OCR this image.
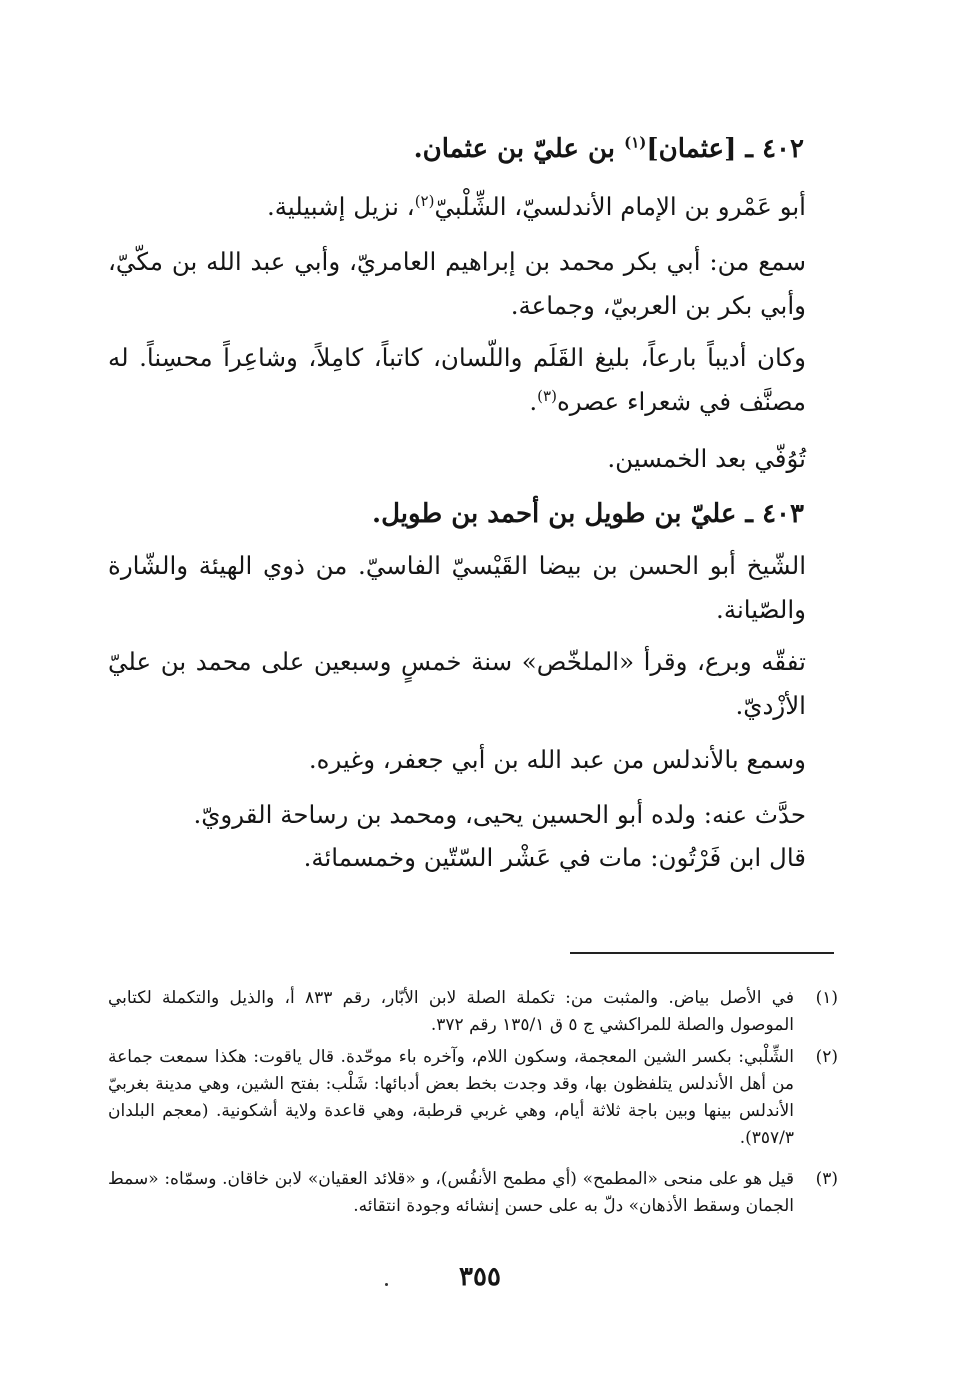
٤٠٢ ـ [عثمان]$^{(١)}$ بن عليّ بن عثمان.

أبو عَمْرو بن الإمام الأندلسيّ، الشِّلْبيّ$^{(٢)}$، نزيل إشبيلية.

سمع من: أبي بكر محمد بن إبراهيم العامريّ، وأبي عبد الله بن مكّيّ، وأبي بكر بن العربيّ، وجماعة.

وكان أديباً بارعاً، بليغ القَلَم واللّسان، كاتباً، كامِلاً، وشاعِراً محسِناً. له مصنَّف في شعراء عصره$^{(٣)}$.

تُوُفّي بعد الخمسين.

٤٠٣ ـ عليّ بن طويل بن أحمد بن طويل.

الشّيخ أبو الحسن بن بيضا القَيْسيّ الفاسيّ. من ذوي الهيئة والشّارة والصّيانة.

تفقّه وبرع، وقرأ «الملخّص» سنة خمسٍ وسبعين على محمد بن عليّ الأزْديّ.

وسمع بالأندلس من عبد الله بن أبي جعفر، وغيره.

حدَّث عنه: ولده أبو الحسين يحيى، ومحمد بن رساحة القرويّ.

قال ابن فَرْتُون: مات في عَشْر السّتّين وخمسمائة.

(١)
في الأصل بياض. والمثبت من: تكملة الصلة لابن الأبّار، رقم ٨٣٣ أ، والذيل والتكملة لكتابي الموصول والصلة للمراكشي ج ٥ ق ١٣٥/١ رقم ٣٧٢.
(٢)
الشِّلْبي: بكسر الشين المعجمة، وسكون اللام، وآخره باء موحّدة. قال ياقوت: هكذا سمعت جماعة من أهل الأندلس يتلفظون بها، وقد وجدت بخط بعض أدبائها: شَلْب: بفتح الشين، وهي مدينة بغربيّ الأندلس بينها وبين باجة ثلاثة أيام، وهي غربي قرطبة، وهي قاعدة ولاية أشكونية. (معجم البلدان ٣٥٧/٣).
(٣)
قيل هو على منحى «المطمح» (أي مطمح الأنفُس)، و «قلائد العقيان» لابن خاقان. وسمّاه: «سمط الجمان وسقط الأذهان» دلّ به على حسن إنشائه وجودة انتقائه.
٣٥٥
